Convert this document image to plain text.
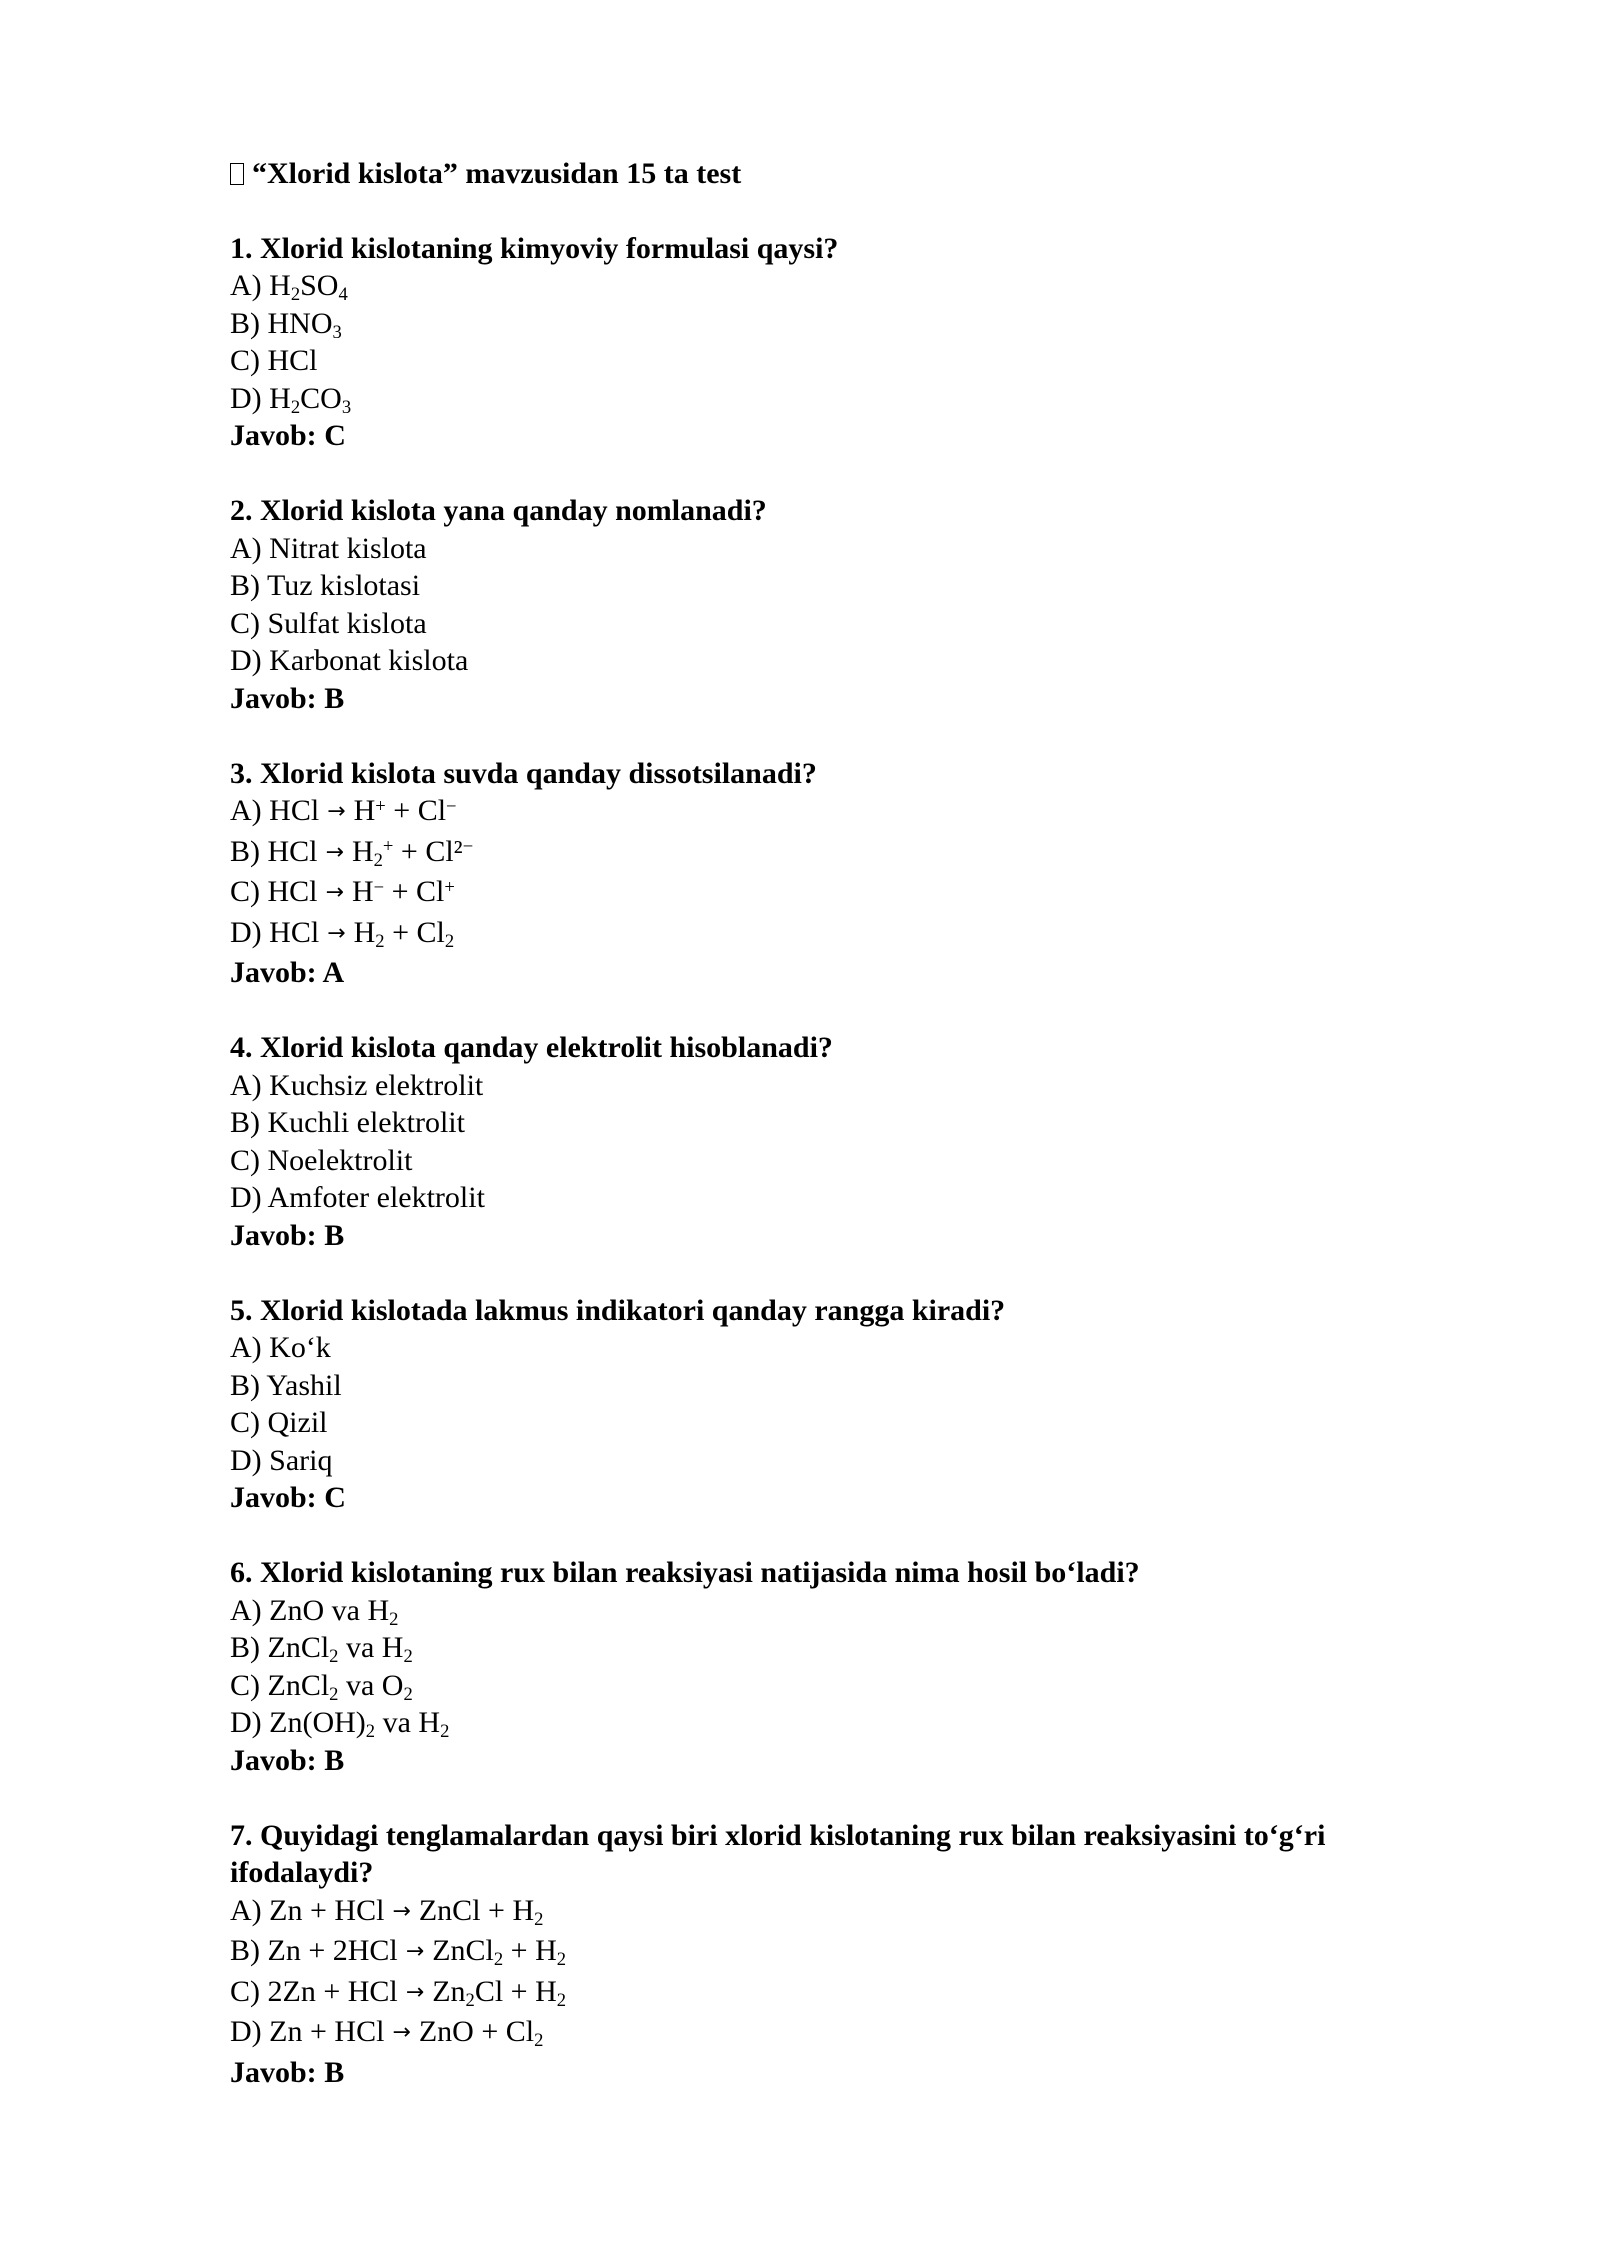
“Xlorid kislota” mavzusidan 15 ta test
1. Xlorid kislotaning kimyoviy formulasi qaysi?
A) $H_2SO_4$
B) $HNO_3$
C) HCl
D) $H_2CO_3$
Javob: C
2. Xlorid kislota yana qanday nomlanadi?
A) Nitrat kislota
B) Tuz kislotasi
C) Sulfat kislota
D) Karbonat kislota
Javob: B
3. Xlorid kislota suvda qanday dissotsilanadi?
A) HCl → H+ + Cl−
B) HCl → $H_2^+ + Cl^2^-$
C) HCl → H− + Cl+
D) HCl → $H_2 + Cl_2$
Javob: A
4. Xlorid kislota qanday elektrolit hisoblanadi?
A) Kuchsiz elektrolit
B) Kuchli elektrolit
C) Noelektrolit
D) Amfoter elektrolit
Javob: B
5. Xlorid kislotada lakmus indikatori qanday rangga kiradi?
A) Ko‘k
B) Yashil
C) Qizil
D) Sariq
Javob: C
6. Xlorid kislotaning rux bilan reaksiyasi natijasida nima hosil bo‘ladi?
A) ZnO va $H_2$
B) ZnCl$_2$ va $H_2$
C) ZnCl$_2$ va $O_2$
D) $Zn(OH)_2$ va $H_2$
Javob: B
7. Quyidagi tenglamalardan qaysi biri xlorid kislotaning rux bilan reaksiyasini to‘g‘ri ifodalaydi?
A) Zn + HCl → ZnCl + $H_2$
B) Zn + 2HCl → ZnCl$_2$ + $H_2$
C) 2Zn + HCl → $Zn_2Cl + H_2$
D) Zn + HCl → ZnO + $Cl_2$
Javob: B
